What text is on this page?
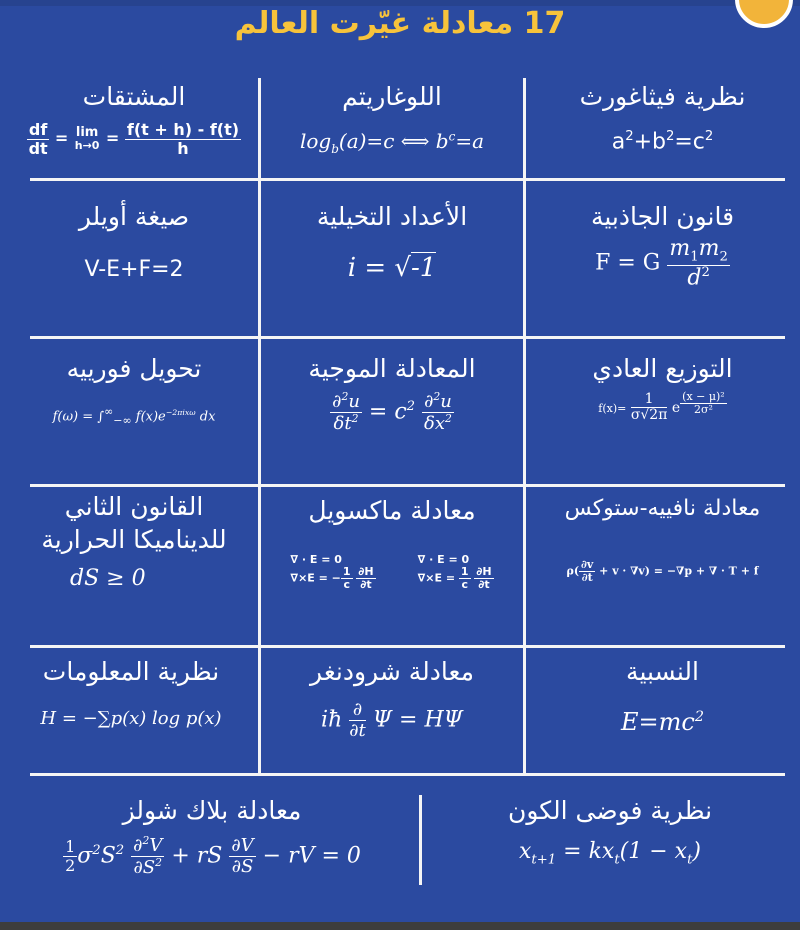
17 معادلة غيّرت العالم
نظرية فيثاغورث
$a^2+b^2=c^2$
اللوغاريتم
$\log_b(a)=c$ ⟺ $b^c=a$
المشتقات
$\frac{df}{dt} = \lim$
$h\to 0 = \frac{f(t + h) - f(t)}{h}$
قانون الجاذبية
F = G $\frac{m_1m_2}{d^2}$
الأعداد التخيلية
i = √-1
صيغة أويلر
V-E+F=2
التوزيع العادي
$f(x)= \frac{1}{\sigma√2\pi}$ e $^{\frac{\text{(x − μ)²}}{\text{2σ²}}}$
المعادلة الموجية
$\frac{\partial^2u}{\delta t^2} = c^2 \frac{\partial^2u}{\delta x^2}$
تحويل فورييه
$f(\omega) = \int^\infty_{-\infty}$ $f(x)e^{-2\pi ix\omega}$ dx
معادلة نافييه-ستوكس
$\rho( \frac{\partial v}{\partial t} + v \cdot \nabla v) = -\nabla p$ + ∇ · T + f
معادلة ماكسويل
∇ · E = 0
∇×E = − $\frac{1}{c}$
$\frac{\partial H}{\partial t}$
∇ · E = 0
$\nabla\times E = \frac{1}{c}$
$\frac{\partial H}{\partial t}$
القانون الثاني
للديناميكا الحرارية
dS ≥ 0
النسبية
$E=mc^2$
معادلة شرودنغر
iħ $\frac{\partial}{\partial t}$ Ψ = HΨ
نظرية المعلومات
H = −∑p(x) log p(x)
نظرية فوضى الكون
$x_{t+1} = kx_t(1 - x_t)$
معادلة بلاك شولز
$\frac{1}{2} \sigma^2S^2 \frac{\partial^2V}{\partial S^2}$ + rS $\frac{\partial V}{\partial S}$ − rV = 0
